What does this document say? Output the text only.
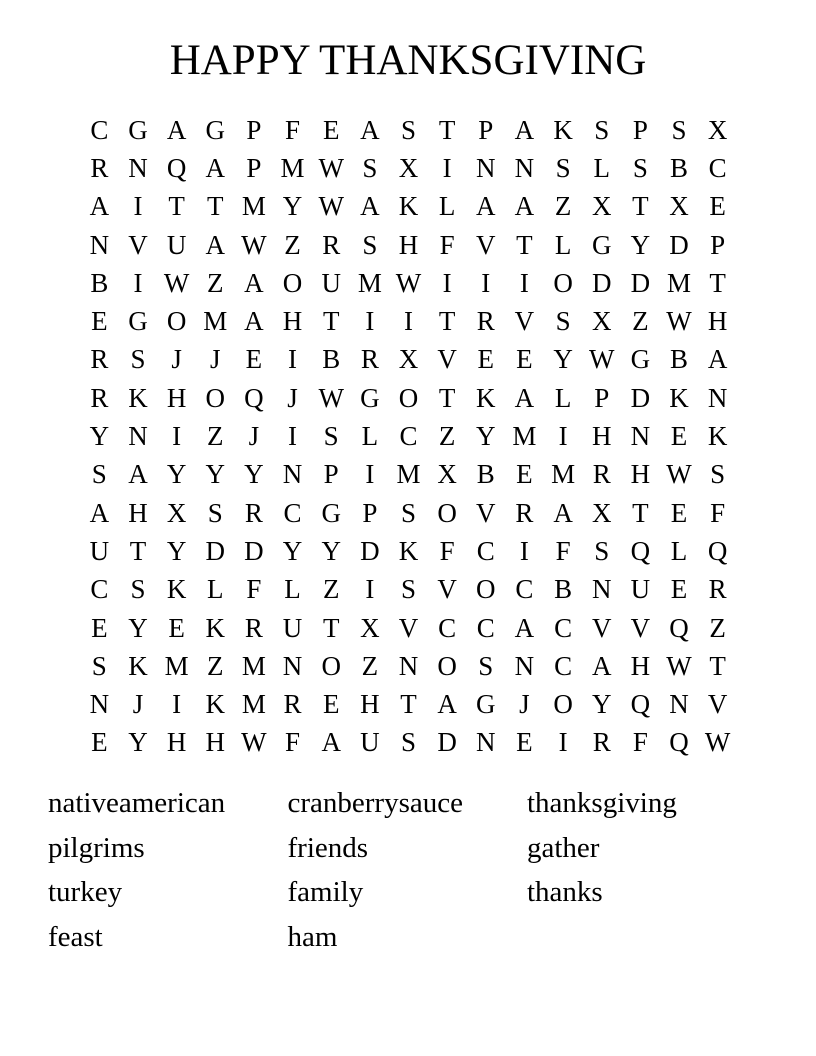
HAPPY THANKSGIVING
C G A G P F E A S T P A K S P S X
R N Q A P M W S X I N N S L S B C
A I T T M Y W A K L A A Z X T X E
N V U A W Z R S H F V T L G Y D P
B I W Z A O U M W I	I	I O D D M T
E G O M A H T I	I T R V S X Z W H
R S J	J E I B R X V E E Y W G B A
R K H O Q J W G O T K A L P D K N
Y N I Z J	I S L C Z Y M I H N E K
S A Y Y Y N P I M X B E M R H W S
A H X S R C G P S O V R A X T E F
U T Y D D Y Y D K F C I F S Q L Q
C S K L F L Z I S V O C B N U E R
E Y E K R U T X V C C A C V V Q Z
S K M Z M N O Z N O S N C A H W T
N J	I K M R E H T A G J O Y Q N V
E Y H H W F A U S D N E I R F Q W
nativeamerican
pilgrims
turkey
feast
cranberrysauce
friends
family
ham
thanksgiving
gather
thanks
